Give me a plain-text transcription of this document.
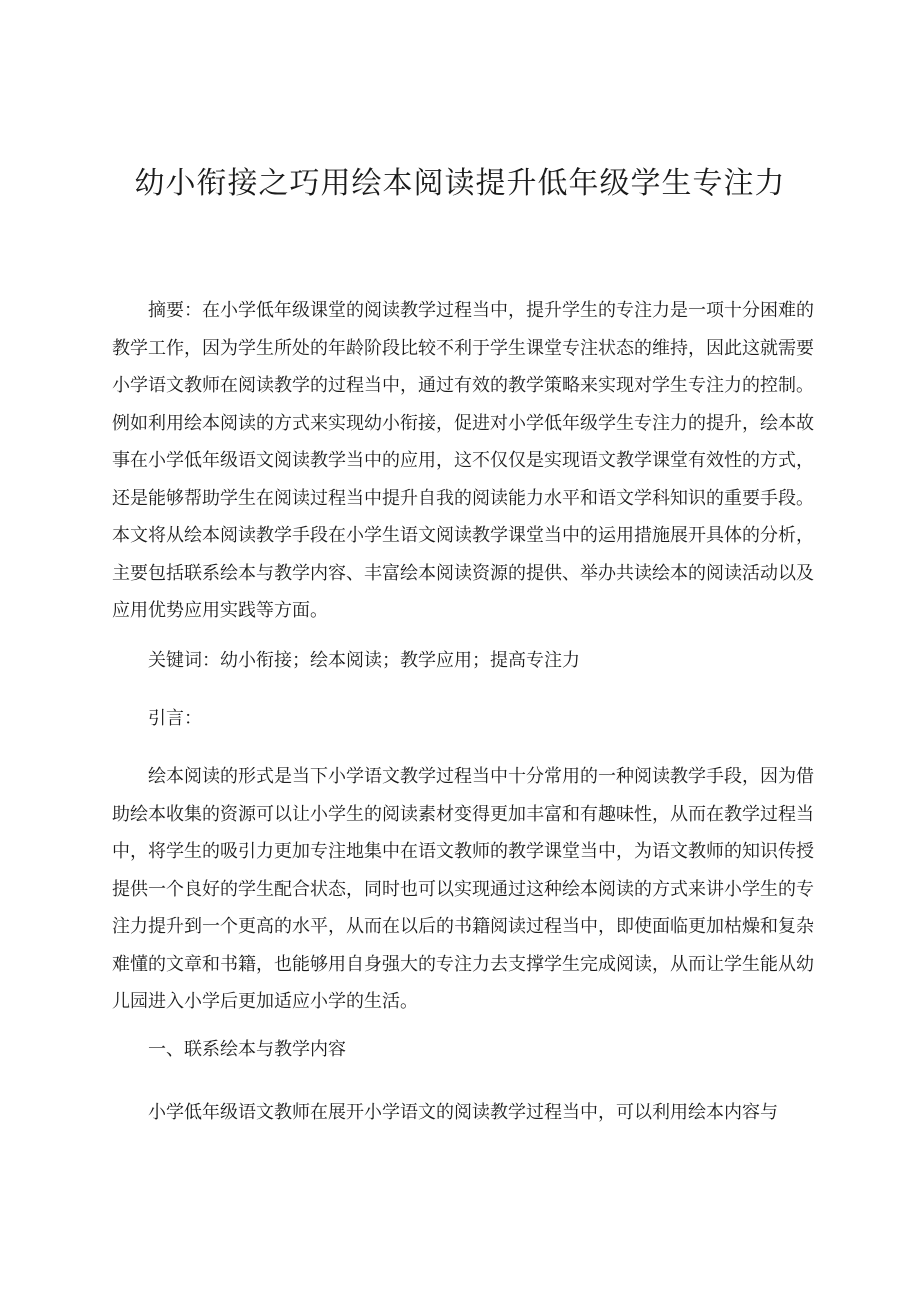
幼小衔接之巧用绘本阅读提升低年级学生专注力
摘要：在小学低年级课堂的阅读教学过程当中，提升学生的专注力是一项十分困难的教学工作，因为学生所处的年龄阶段比较不利于学生课堂专注状态的维持，因此这就需要小学语文教师在阅读教学的过程当中，通过有效的教学策略来实现对学生专注力的控制。例如利用绘本阅读的方式来实现幼小衔接，促进对小学低年级学生专注力的提升，绘本故事在小学低年级语文阅读教学当中的应用，这不仅仅是实现语文教学课堂有效性的方式，还是能够帮助学生在阅读过程当中提升自我的阅读能力水平和语文学科知识的重要手段。本文将从绘本阅读教学手段在小学生语文阅读教学课堂当中的运用措施展开具体的分析，主要包括联系绘本与教学内容、丰富绘本阅读资源的提供、举办共读绘本的阅读活动以及应用优势应用实践等方面。
关键词：幼小衔接；绘本阅读；教学应用；提高专注力
引言：
绘本阅读的形式是当下小学语文教学过程当中十分常用的一种阅读教学手段，因为借助绘本收集的资源可以让小学生的阅读素材变得更加丰富和有趣味性，从而在教学过程当中，将学生的吸引力更加专注地集中在语文教师的教学课堂当中，为语文教师的知识传授提供一个良好的学生配合状态，同时也可以实现通过这种绘本阅读的方式来讲小学生的专注力提升到一个更高的水平，从而在以后的书籍阅读过程当中，即使面临更加枯燥和复杂难懂的文章和书籍，也能够用自身强大的专注力去支撑学生完成阅读，从而让学生能从幼儿园进入小学后更加适应小学的生活。
一、联系绘本与教学内容
小学低年级语文教师在展开小学语文的阅读教学过程当中，可以利用绘本内容与
